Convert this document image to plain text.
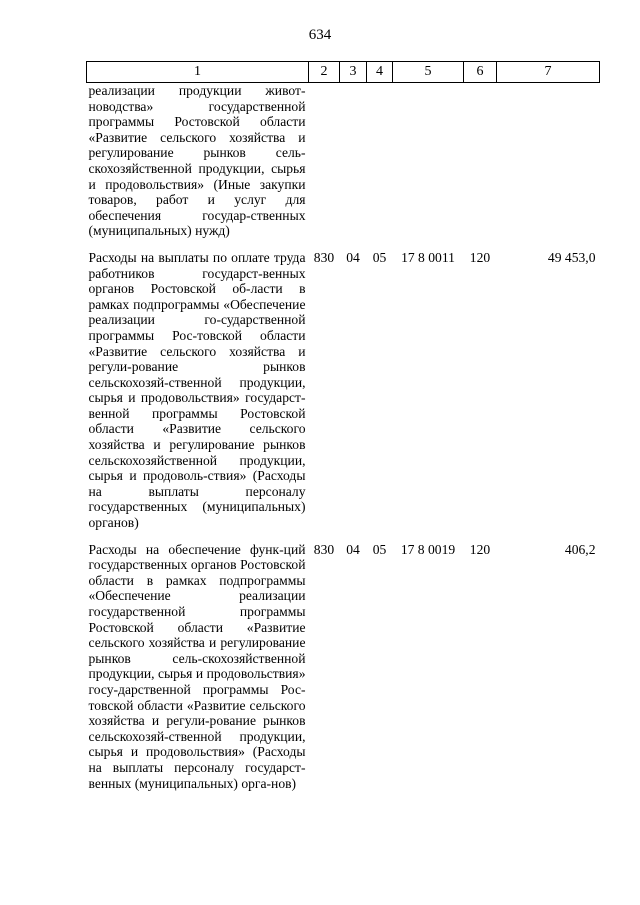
634
1	2	3	4	5	6	7

реализации продукции живот-новодства» государственной программы Ростовской области «Развитие сельского хозяйства и регулирование рынков сель-скохозяйственной продукции, сырья и продовольствия» (Иные закупки товаров, работ и услуг для обеспечения государ-ственных (муниципальных) нужд)						

Расходы на выплаты по оплате труда работников государст-венных органов Ростовской об-ласти в рамках подпрограммы «Обеспечение реализации го-сударственной программы Рос-товской области «Развитие сельского хозяйства и регули-рование рынков сельскохозяй-ственной продукции, сырья и продовольствия» государст-венной программы Ростовской области «Развитие сельского хозяйства и регулирование рынков сельскохозяйственной продукции, сырья и продоволь-ствия» (Расходы на выплаты персоналу государственных (муниципальных) органов)	830	04	05	17 8 0011	120	49 453,0

Расходы на обеспечение функ-ций государственных органов Ростовской области в рамках подпрограммы «Обеспечение реализации государственной программы Ростовской области «Развитие сельского хозяйства и регулирование рынков сель-скохозяйственной продукции, сырья и продовольствия» госу-дарственной программы Рос-товской области «Развитие сельского хозяйства и регули-рование рынков сельскохозяй-ственной продукции, сырья и продовольствия» (Расходы на выплаты персоналу государст-венных (муниципальных) орга-нов)	830	04	05	17 8 0019	120	406,2
